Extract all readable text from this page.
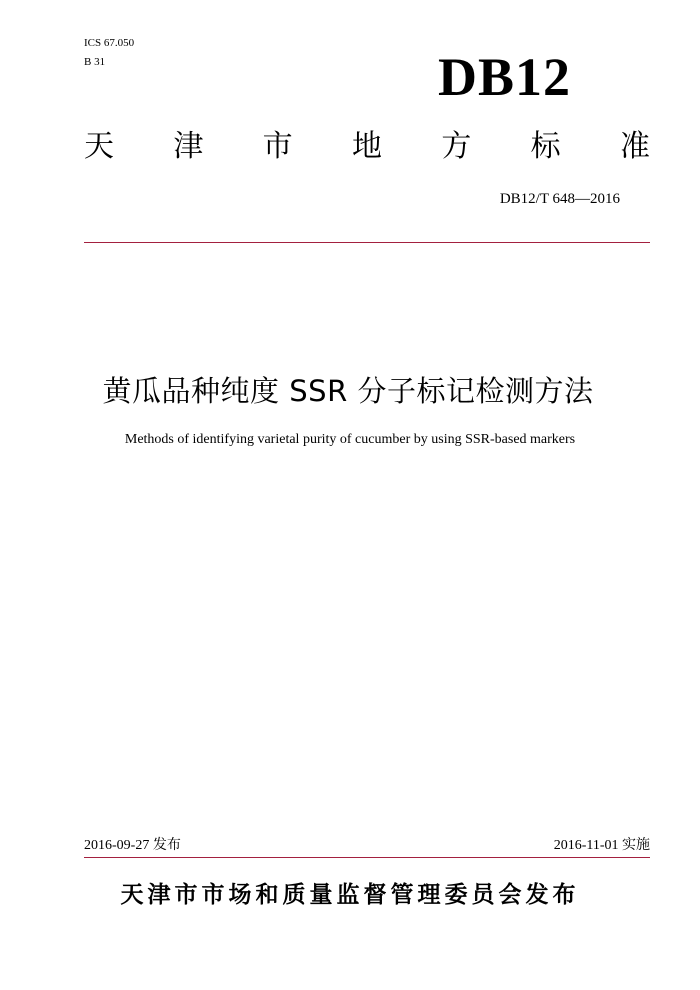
ICS 67.050
B 31	DB12
天 津 市 地 方 标 准
DB12/T 648—2016
黄瓜品种纯度 SSR 分子标记检测方法
Methods of identifying varietal purity of cucumber by using SSR-based markers
2016-09-27 发布	2016-11-01 实施
天津市市场和质量监督管理委员会发布
